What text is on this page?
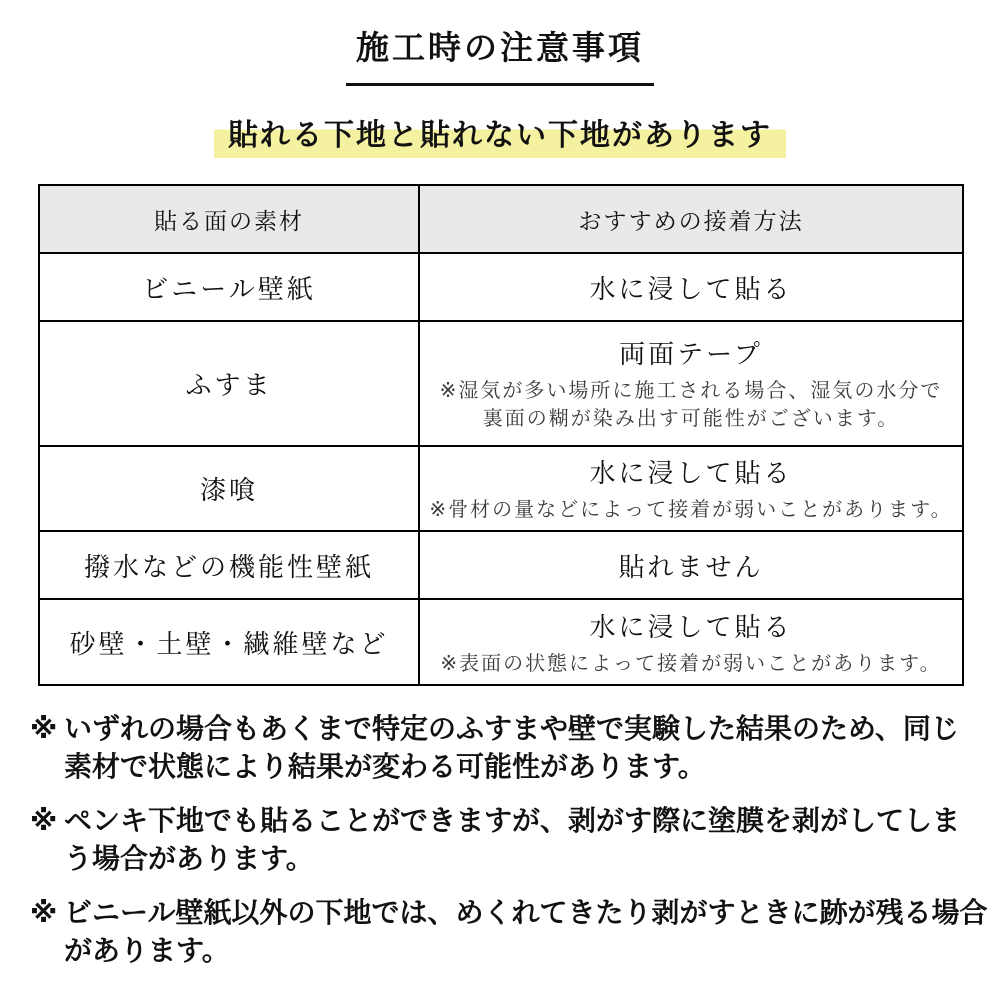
施工時の注意事項
貼れる下地と貼れない下地があります
貼る面の素材	おすすめの接着方法

ビニール壁紙	水に浸して貼る

ふすま	両面テープ
※湿気が多い場所に施工される場合、湿気の水分で
裏面の糊が染み出す可能性がございます。

漆喰	水に浸して貼る
※骨材の量などによって接着が弱いことがあります。

撥水などの機能性壁紙	貼れません

砂壁・土壁・繊維壁など	水に浸して貼る
※表面の状態によって接着が弱いことがあります。
※ いずれの場合もあくまで特定のふすまや壁で実験した結果のため、同じ
素材で状態により結果が変わる可能性があります。
※ ペンキ下地でも貼ることができますが、剥がす際に塗膜を剥がしてしま
う場合があります。
※ ビニール壁紙以外の下地では、めくれてきたり剥がすときに跡が残る場合
があります。
